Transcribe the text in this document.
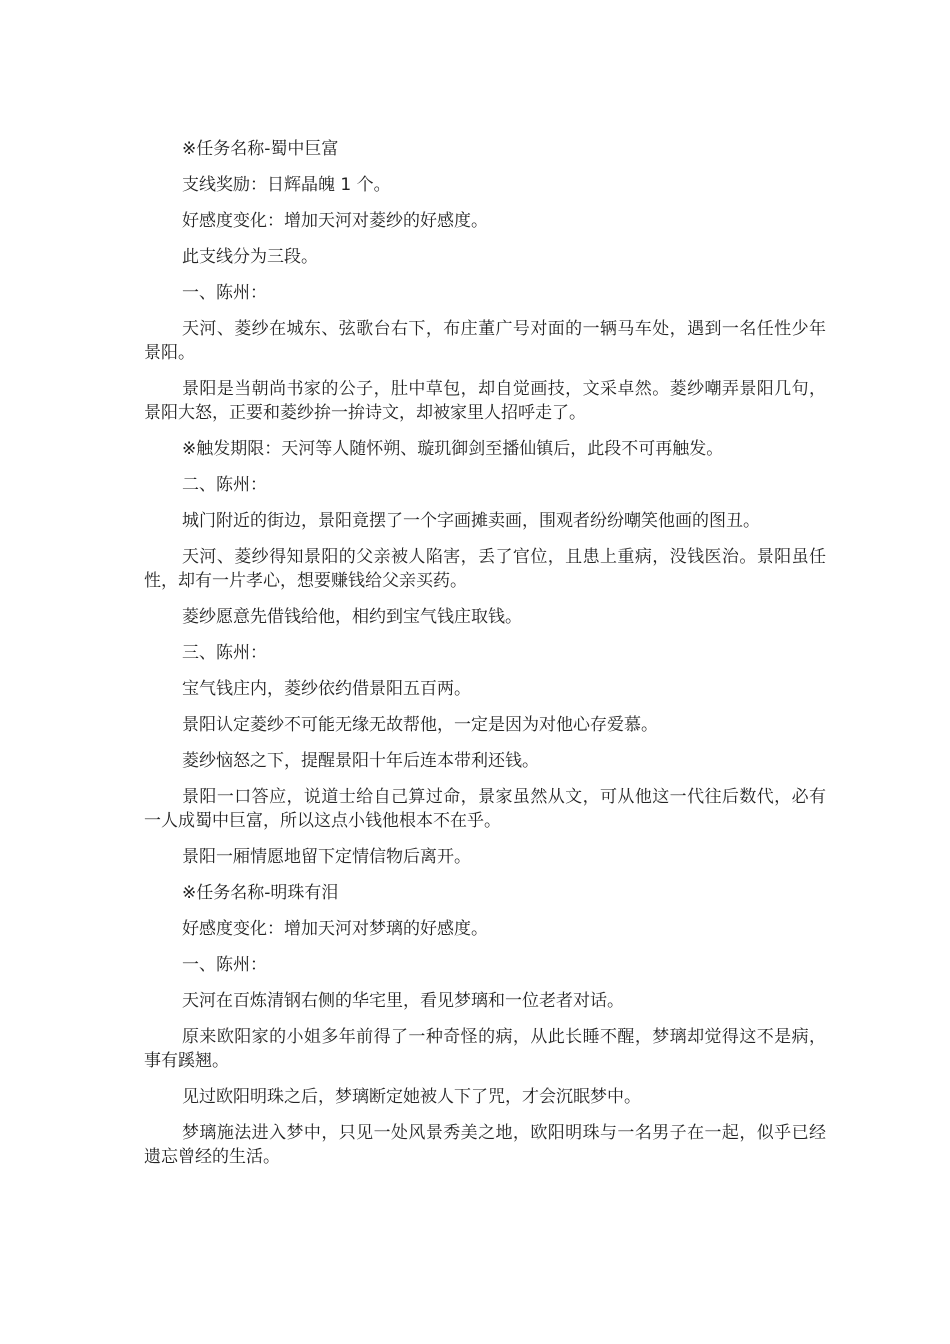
※任务名称-蜀中巨富

支线奖励：日辉晶魄 1 个。

好感度变化：增加天河对菱纱的好感度。

此支线分为三段。

一、陈州：

天河、菱纱在城东、弦歌台右下，布庄董广号对面的一辆马车处，遇到一名任性少年景阳。

景阳是当朝尚书家的公子，肚中草包，却自觉画技，文采卓然。菱纱嘲弄景阳几句，景阳大怒，正要和菱纱拚一拚诗文，却被家里人招呼走了。

※触发期限：天河等人随怀朔、璇玑御剑至播仙镇后，此段不可再触发。

二、陈州：

城门附近的街边，景阳竟摆了一个字画摊卖画，围观者纷纷嘲笑他画的图丑。

天河、菱纱得知景阳的父亲被人陷害，丢了官位，且患上重病，没钱医治。景阳虽任性，却有一片孝心，想要赚钱给父亲买药。

菱纱愿意先借钱给他，相约到宝气钱庄取钱。

三、陈州：

宝气钱庄内，菱纱依约借景阳五百两。

景阳认定菱纱不可能无缘无故帮他，一定是因为对他心存爱慕。

菱纱恼怒之下，提醒景阳十年后连本带利还钱。

景阳一口答应，说道士给自己算过命，景家虽然从文，可从他这一代往后数代，必有一人成蜀中巨富，所以这点小钱他根本不在乎。

景阳一厢情愿地留下定情信物后离开。

※任务名称-明珠有泪

好感度变化：增加天河对梦璃的好感度。

一、陈州：

天河在百炼清钢右侧的华宅里，看见梦璃和一位老者对话。

原来欧阳家的小姐多年前得了一种奇怪的病，从此长睡不醒，梦璃却觉得这不是病，事有蹊翘。

见过欧阳明珠之后，梦璃断定她被人下了咒，才会沉眠梦中。

梦璃施法进入梦中，只见一处风景秀美之地，欧阳明珠与一名男子在一起，似乎已经遗忘曾经的生活。
